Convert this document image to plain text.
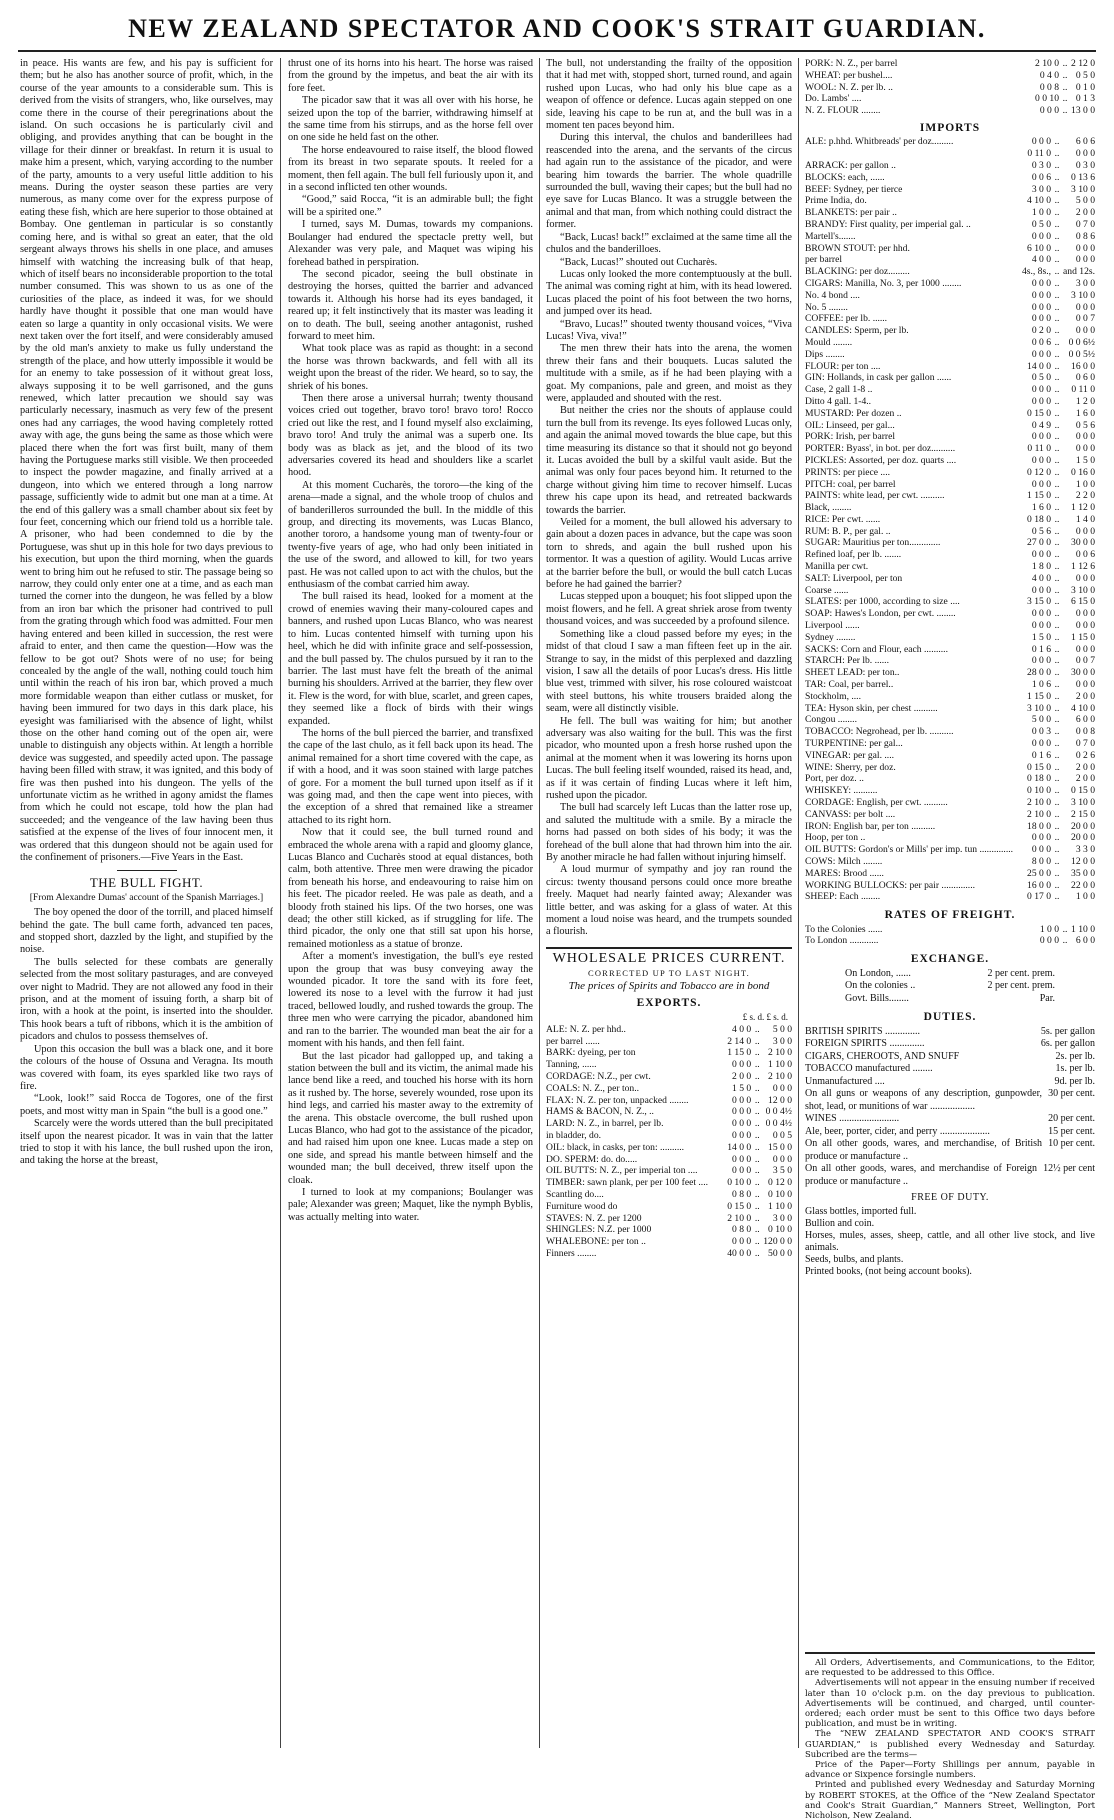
NEW ZEALAND SPECTATOR AND COOK'S STRAIT GUARDIAN.

in peace. His wants are few, and his pay is sufficient for them; but he also has another source of profit, which, in the course of the year amounts to a considerable sum. This is derived from the visits of strangers, who, like ourselves, may come there in the course of their peregrinations about the island. On such occasions he is particularly civil and obliging, and provides anything that can be bought in the village for their dinner or breakfast. In return it is usual to make him a present, which, varying according to the number of the party, amounts to a very useful little addition to his means. During the oyster season these parties are very numerous, as many come over for the express purpose of eating these fish, which are here superior to those obtained at Bombay. One gentleman in particular is so constantly coming here, and is withal so great an eater, that the old sergeant always throws his shells in one place, and amuses himself with watching the increasing bulk of that heap, which of itself bears no inconsiderable proportion to the total number consumed. This was shown to us as one of the curiosities of the place, as indeed it was, for we should hardly have thought it possible that one man would have eaten so large a quantity in only occasional visits. We were next taken over the fort itself, and were considerably amused by the old man's anxiety to make us fully understand the strength of the place, and how utterly impossible it would be for an enemy to take possession of it without great loss, always supposing it to be well garrisoned, and the guns renewed, which latter precaution we should say was particularly necessary, inasmuch as very few of the present ones had any carriages, the wood having completely rotted away with age, the guns being the same as those which were placed there when the fort was first built, many of them having the Portuguese marks still visible. We then proceeded to inspect the powder magazine, and finally arrived at a dungeon, into which we entered through a long narrow passage, sufficiently wide to admit but one man at a time. At the end of this gallery was a small chamber about six feet by four feet, concerning which our friend told us a horrible tale. A prisoner, who had been condemned to die by the Portuguese, was shut up in this hole for two days previous to his execution, but upon the third morning, when the guards went to bring him out he refused to stir. The passage being so narrow, they could only enter one at a time, and as each man turned the corner into the dungeon, he was felled by a blow from an iron bar which the prisoner had contrived to pull from the grating through which food was admitted. Four men having entered and been killed in succession, the rest were afraid to enter, and then came the question—How was the fellow to be got out? Shots were of no use; for being concealed by the angle of the wall, nothing could touch him until within the reach of his iron bar, which proved a much more formidable weapon than either cutlass or musket, for having been immured for two days in this dark place, his eyesight was familiarised with the absence of light, whilst those on the other hand coming out of the open air, were unable to distinguish any objects within. At length a horrible device was suggested, and speedily acted upon. The passage having been filled with straw, it was ignited, and this body of fire was then pushed into his dungeon. The yells of the unfortunate victim as he writhed in agony amidst the flames from which he could not escape, told how the plan had succeeded; and the vengeance of the law having been thus satisfied at the expense of the lives of four innocent men, it was ordered that this dungeon should not be again used for the confinement of prisoners.—Five Years in the East.

THE BULL FIGHT.

[From Alexandre Dumas' account of the Spanish Marriages.]

The boy opened the door of the torrill, and placed himself behind the gate. The bull came forth, advanced ten paces, and stopped short, dazzled by the light, and stupified by the noise.

The bulls selected for these combats are generally selected from the most solitary pasturages, and are conveyed over night to Madrid. They are not allowed any food in their prison, and at the moment of issuing forth, a sharp bit of iron, with a hook at the point, is inserted into the shoulder. This hook bears a tuft of ribbons, which it is the ambition of picadors and chulos to possess themselves of.

Upon this occasion the bull was a black one, and it bore the colours of the house of Ossuna and Veragna. Its mouth was covered with foam, its eyes sparkled like two rays of fire.

“Look, look!” said Rocca de Togores, one of the first poets, and most witty man in Spain “the bull is a good one.”

Scarcely were the words uttered than the bull precipitated itself upon the nearest picador. It was in vain that the latter tried to stop it with his lance, the bull rushed upon the iron, and taking the horse at the breast,

thrust one of its horns into his heart. The horse was raised from the ground by the impetus, and beat the air with its fore feet.

The picador saw that it was all over with his horse, he seized upon the top of the barrier, withdrawing himself at the same time from his stirrups, and as the horse fell over on one side he held fast on the other.

The horse endeavoured to raise itself, the blood flowed from its breast in two separate spouts. It reeled for a moment, then fell again. The bull fell furiously upon it, and in a second inflicted ten other wounds.

“Good,” said Rocca, “it is an admirable bull; the fight will be a spirited one.”

I turned, says M. Dumas, towards my companions. Boulanger had endured the spectacle pretty well, but Alexander was very pale, and Maquet was wiping his forehead bathed in perspiration.

The second picador, seeing the bull obstinate in destroying the horses, quitted the barrier and advanced towards it. Although his horse had its eyes bandaged, it reared up; it felt instinctively that its master was leading it on to death. The bull, seeing another antagonist, rushed forward to meet him.

What took place was as rapid as thought: in a second the horse was thrown backwards, and fell with all its weight upon the breast of the rider. We heard, so to say, the shriek of his bones.

Then there arose a universal hurrah; twenty thousand voices cried out together, bravo toro! bravo toro! Rocco cried out like the rest, and I found myself also exclaiming, bravo toro! And truly the animal was a superb one. Its body was as black as jet, and the blood of its two adversaries covered its head and shoulders like a scarlet hood.

At this moment Cucharès, the tororo—the king of the arena—made a signal, and the whole troop of chulos and of banderilleros surrounded the bull. In the middle of this group, and directing its movements, was Lucas Blanco, another tororo, a handsome young man of twenty-four or twenty-five years of age, who had only been initiated in the use of the sword, and allowed to kill, for two years past. He was not called upon to act with the chulos, but the enthusiasm of the combat carried him away.

The bull raised its head, looked for a moment at the crowd of enemies waving their many-coloured capes and banners, and rushed upon Lucas Blanco, who was nearest to him. Lucas contented himself with turning upon his heel, which he did with infinite grace and self-possession, and the bull passed by. The chulos pursued by it ran to the barrier. The last must have felt the breath of the animal burning his shoulders. Arrived at the barrier, they flew over it. Flew is the word, for with blue, scarlet, and green capes, they seemed like a flock of birds with their wings expanded.

The horns of the bull pierced the barrier, and transfixed the cape of the last chulo, as it fell back upon its head. The animal remained for a short time covered with the cape, as if with a hood, and it was soon stained with large patches of gore. For a moment the bull turned upon itself as if it was going mad, and then the cape went into pieces, with the exception of a shred that remained like a streamer attached to its right horn.

Now that it could see, the bull turned round and embraced the whole arena with a rapid and gloomy glance, Lucas Blanco and Cucharès stood at equal distances, both calm, both attentive. Three men were drawing the picador from beneath his horse, and endeavouring to raise him on his feet. The picador reeled. He was pale as death, and a bloody froth stained his lips. Of the two horses, one was dead; the other still kicked, as if struggling for life. The third picador, the only one that still sat upon his horse, remained motionless as a statue of bronze.

After a moment's investigation, the bull's eye rested upon the group that was busy conveying away the wounded picador. It tore the sand with its fore feet, lowered its nose to a level with the furrow it had just traced, bellowed loudly, and rushed towards the group. The three men who were carrying the picador, abandoned him and ran to the barrier. The wounded man beat the air for a moment with his hands, and then fell faint.

But the last picador had gallopped up, and taking a station between the bull and its victim, the animal made his lance bend like a reed, and touched his horse with its horn as it rushed by. The horse, severely wounded, rose upon its hind legs, and carried his master away to the extremity of the arena. This obstacle overcome, the bull rushed upon Lucas Blanco, who had got to the assistance of the picador, and had raised him upon one knee. Lucas made a step on one side, and spread his mantle between himself and the wounded man; the bull deceived, threw itself upon the cloak.

I turned to look at my companions; Boulanger was pale; Alexander was green; Maquet, like the nymph Byblis, was actually melting into water.

The bull, not understanding the frailty of the opposition that it had met with, stopped short, turned round, and again rushed upon Lucas, who had only his blue cape as a weapon of offence or defence. Lucas again stepped on one side, leaving his cape to be run at, and the bull was in a moment ten paces beyond him.

During this interval, the chulos and banderillees had reascended into the arena, and the servants of the circus had again run to the assistance of the picador, and were bearing him towards the barrier. The whole quadrille surrounded the bull, waving their capes; but the bull had no eye save for Lucas Blanco. It was a struggle between the animal and that man, from which nothing could distract the former.

“Back, Lucas! back!” exclaimed at the same time all the chulos and the banderilloes.

“Back, Lucas!” shouted out Cucharès.

Lucas only looked the more contemptuously at the bull. The animal was coming right at him, with its head lowered. Lucas placed the point of his foot between the two horns, and jumped over its head.

“Bravo, Lucas!” shouted twenty thousand voices, “Viva Lucas! Viva, viva!”

The men threw their hats into the arena, the women threw their fans and their bouquets. Lucas saluted the multitude with a smile, as if he had been playing with a goat. My companions, pale and green, and moist as they were, applauded and shouted with the rest.

But neither the cries nor the shouts of applause could turn the bull from its revenge. Its eyes followed Lucas only, and again the animal moved towards the blue cape, but this time measuring its distance so that it should not go beyond it. Lucas avoided the bull by a skilful vault aside. But the animal was only four paces beyond him. It returned to the charge without giving him time to recover himself. Lucas threw his cape upon its head, and retreated backwards towards the barrier.

Veiled for a moment, the bull allowed his adversary to gain about a dozen paces in advance, but the cape was soon torn to shreds, and again the bull rushed upon his tormentor. It was a question of agility. Would Lucas arrive at the barrier before the bull, or would the bull catch Lucas before he had gained the barrier?

Lucas stepped upon a bouquet; his foot slipped upon the moist flowers, and he fell. A great shriek arose from twenty thousand voices, and was succeeded by a profound silence.

Something like a cloud passed before my eyes; in the midst of that cloud I saw a man fifteen feet up in the air. Strange to say, in the midst of this perplexed and dazzling vision, I saw all the details of poor Lucas's dress. His little blue vest, trimmed with silver, his rose coloured waistcoat with steel buttons, his white trousers braided along the seam, were all distinctly visible.

He fell. The bull was waiting for him; but another adversary was also waiting for the bull. This was the first picador, who mounted upon a fresh horse rushed upon the animal at the moment when it was lowering its horns upon Lucas. The bull feeling itself wounded, raised its head, and, as if it was certain of finding Lucas where it left him, rushed upon the picador.

The bull had scarcely left Lucas than the latter rose up, and saluted the multitude with a smile. By a miracle the horns had passed on both sides of his body; it was the forehead of the bull alone that had thrown him into the air. By another miracle he had fallen without injuring himself.

A loud murmur of sympathy and joy ran round the circus: twenty thousand persons could once more breathe freely. Maquet had nearly fainted away; Alexander was little better, and was asking for a glass of water. At this moment a loud noise was heard, and the trumpets sounded a flourish.

WHOLESALE PRICES CURRENT.
CORRECTED UP TO LAST NIGHT.
The prices of Spirits and Tobacco are in bond
EXPORTS.
£ s. d. £ s. d.
ALE: N. Z. per hhd..	4 0 0	..	5 0 0
per barrel ......	2 14 0	..	3 0 0
BARK: dyeing, per ton	1 15 0	..	2 10 0
Tanning, ......	0 0 0	..	1 10 0
CORDAGE: N.Z., per cwt.	2 0 0	..	2 10 0
COALS: N. Z., per ton..	1 5 0	..	0 0 0
FLAX: N. Z. per ton, unpacked ........	0 0 0	..	12 0 0
HAMS & BACON, N. Z., ..	0 0 0	..	0 0 4½
LARD: N. Z., in barrel, per lb.	0 0 0	..	0 0 4½
in bladder, do.	0 0 0	..	0 0 5
OIL: black, in casks, per ton: ..........	14 0 0	..	15 0 0
DO. SPERM: do. do.....	0 0 0	..	0 0 0
OIL BUTTS: N. Z., per imperial ton ....	0 0 0	..	3 5 0
TIMBER: sawn plank, per per 100 feet ....	0 10 0	..	0 12 0
Scantling do....	0 8 0	..	0 10 0
Furniture wood do	0 15 0	..	1 10 0
STAVES: N. Z. per 1200	2 10 0	..	3 0 0
SHINGLES: N.Z. per 1000	0 8 0	..	0 10 0
WHALEBONE: per ton ..	0 0 0	..	120 0 0
Finners ........	40 0 0	..	50 0 0
PORK: N. Z., per barrel	2 10 0	..	2 12 0
WHEAT: per bushel....	0 4 0	..	0 5 0
WOOL: N. Z. per lb. ..	0 0 8	..	0 1 0
Do. Lambs' ....	0 0 10	..	0 1 3
N. Z. FLOUR ........	0 0 0	..	13 0 0
IMPORTS
ALE: p.hhd. Whitbreads' per doz.........	0 0 0	..	6 0 6
	0 11 0	..	0 0 0
ARRACK: per gallon ..	0 3 0	..	0 3 0
BLOCKS: each, ......	0 0 6	..	0 13 6
BEEF: Sydney, per tierce	3 0 0	..	3 10 0
Prime India, do.	4 10 0	..	5 0 0
BLANKETS: per pair ..	1 0 0	..	2 0 0
BRANDY: First quality, per imperial gal. ..	0 5 0	..	0 7 0
Martell's.......	0 0 0	..	0 8 6
BROWN STOUT: per hhd.	6 10 0	..	0 0 0
per barrel	4 0 0	..	0 0 0
BLACKING: per doz.........	4s., 8s.,	..	and 12s.
CIGARS: Manilla, No. 3, per 1000 ........	0 0 0	..	3 0 0
No. 4 bond ....	0 0 0	..	3 10 0
No. 5 ........	0 0 0	..	0 0 0
COFFEE: per lb. ......	0 0 0	..	0 0 7
CANDLES: Sperm, per lb.	0 2 0	..	0 0 0
Mould ........	0 0 6	..	0 0 6½
Dips ........	0 0 0	..	0 0 5½
FLOUR: per ton ....	14 0 0	..	16 0 0
GIN: Hollands, in cask per gallon ......	0 5 0	..	0 6 0
Case, 2 gall 1-8 ..	0 0 0	..	0 11 0
Ditto 4 gall. 1-4..	0 0 0	..	1 2 0
MUSTARD: Per dozen ..	0 15 0	..	1 6 0
OIL: Linseed, per gal...	0 4 9	..	0 5 6
PORK: Irish, per barrel	0 0 0	..	0 0 0
PORTER: Byass', in bot. per doz..........	0 11 0	..	0 0 0
PICKLES: Assorted, per doz. quarts ....	0 0 0	..	1 5 0
PRINTS: per piece ....	0 12 0	..	0 16 0
PITCH: coal, per barrel	0 0 0	..	1 0 0
PAINTS: white lead, per cwt. ..........	1 15 0	..	2 2 0
Black, ........	1 6 0	..	1 12 0
RICE: Per cwt. ......	0 18 0	..	1 4 0
RUM: B. P., per gal. ..	0 5 6	..	0 0 0
SUGAR: Mauritius per ton.............	27 0 0	..	30 0 0
Refined loaf, per lb. .......	0 0 0	..	0 0 6
Manilla per cwt.	1 8 0	..	1 12 6
SALT: Liverpool, per ton	4 0 0	..	0 0 0
Coarse ......	0 0 0	..	3 10 0
SLATES: per 1000, according to size ....	3 15 0	..	6 15 0
SOAP: Hawes's London, per cwt. ........	0 0 0	..	0 0 0
Liverpool ......	0 0 0	..	0 0 0
Sydney ........	1 5 0	..	1 15 0
SACKS: Corn and Flour, each ..........	0 1 6	..	0 0 0
STARCH: Per lb. ......	0 0 0	..	0 0 7
SHEET LEAD: per ton..	28 0 0	..	30 0 0
TAR: Coal, per barrel..	1 0 6	..	0 0 0
Stockholm, ....	1 15 0	..	2 0 0
TEA: Hyson skin, per chest ..........	3 10 0	..	4 10 0
Congou ........	5 0 0	..	6 0 0
TOBACCO: Negrohead, per lb. ..........	0 0 3	..	0 0 8
TURPENTINE: per gal...	0 0 0	..	0 7 0
VINEGAR: per gal. ....	0 1 6	..	0 2 6
WINE: Sherry, per doz.	0 15 0	..	2 0 0
Port, per doz. ..	0 18 0	..	2 0 0
WHISKEY: ..........	0 10 0	..	0 15 0
CORDAGE: English, per cwt. ..........	2 10 0	..	3 10 0
CANVASS: per bolt ....	2 10 0	..	2 15 0
IRON: English bar, per ton ..........	18 0 0	..	20 0 0
Hoop, per ton ..	0 0 0	..	20 0 0
OIL BUTTS: Gordon's or Mills' per imp. tun ..............	0 0 0	..	3 3 0
COWS: Milch ........	8 0 0	..	12 0 0
MARES: Brood ......	25 0 0	..	35 0 0
WORKING BULLOCKS: per pair ..............	16 0 0	..	22 0 0
SHEEP: Each ........	0 17 0	..	1 0 0
RATES OF FREIGHT.
To the Colonies ......	1 0 0	..	1 10 0
To London ............	0 0 0	..	6 0 0
EXCHANGE.
On London, ......	2 per cent. prem.
On the colonies ..	2 per cent. prem.
Govt. Bills........	Par.
DUTIES.
BRITISH SPIRITS ..............	5s. per gallon
FOREIGN SPIRITS ..............	6s. per gallon
CIGARS, CHEROOTS, AND SNUFF	2s. per lb.
TOBACCO manufactured ........	1s. per lb.
Unmanufactured ....	9d. per lb.
On all guns or weapons of any description, gunpowder, shot, lead, or munitions of war ..................
30 per cent.
WINES ........................	20 per cent.
Ale, beer, porter, cider, and perry ....................	15 per cent.
On all other goods, wares, and merchandise, of British produce or manufacture ..
10 per cent.
On all other goods, wares, and merchandise of Foreign produce or manufacture ..
12½ per cent
FREE OF DUTY.
Glass bottles, imported full.
Bullion and coin.
Horses, mules, asses, sheep, cattle, and all other live stock, and live animals.
Seeds, bulbs, and plants.
Printed books, (not being account books).

All Orders, Advertisements, and Communications, to the Editor, are requested to be addressed to this Office.

Advertisements will not appear in the ensuing number if received later than 10 o'clock p.m. on the day previous to publication. Advertisements will be continued, and charged, until counter-ordered; each order must be sent to this Office two days before publication, and must be in writing.

The “NEW ZEALAND SPECTATOR AND COOK'S STRAIT GUARDIAN,” is published every Wednesday and Saturday. Subcribed are the terms—

Price of the Paper—Forty Shillings per annum, payable in advance or Sixpence forsingle numbers.

Printed and published every Wednesday and Saturday Morning by ROBERT STOKES, at the Office of the “New Zealand Spectator and Cook's Strait Guardian,” Manners Street, Wellington, Port Nicholson, New Zealand.
